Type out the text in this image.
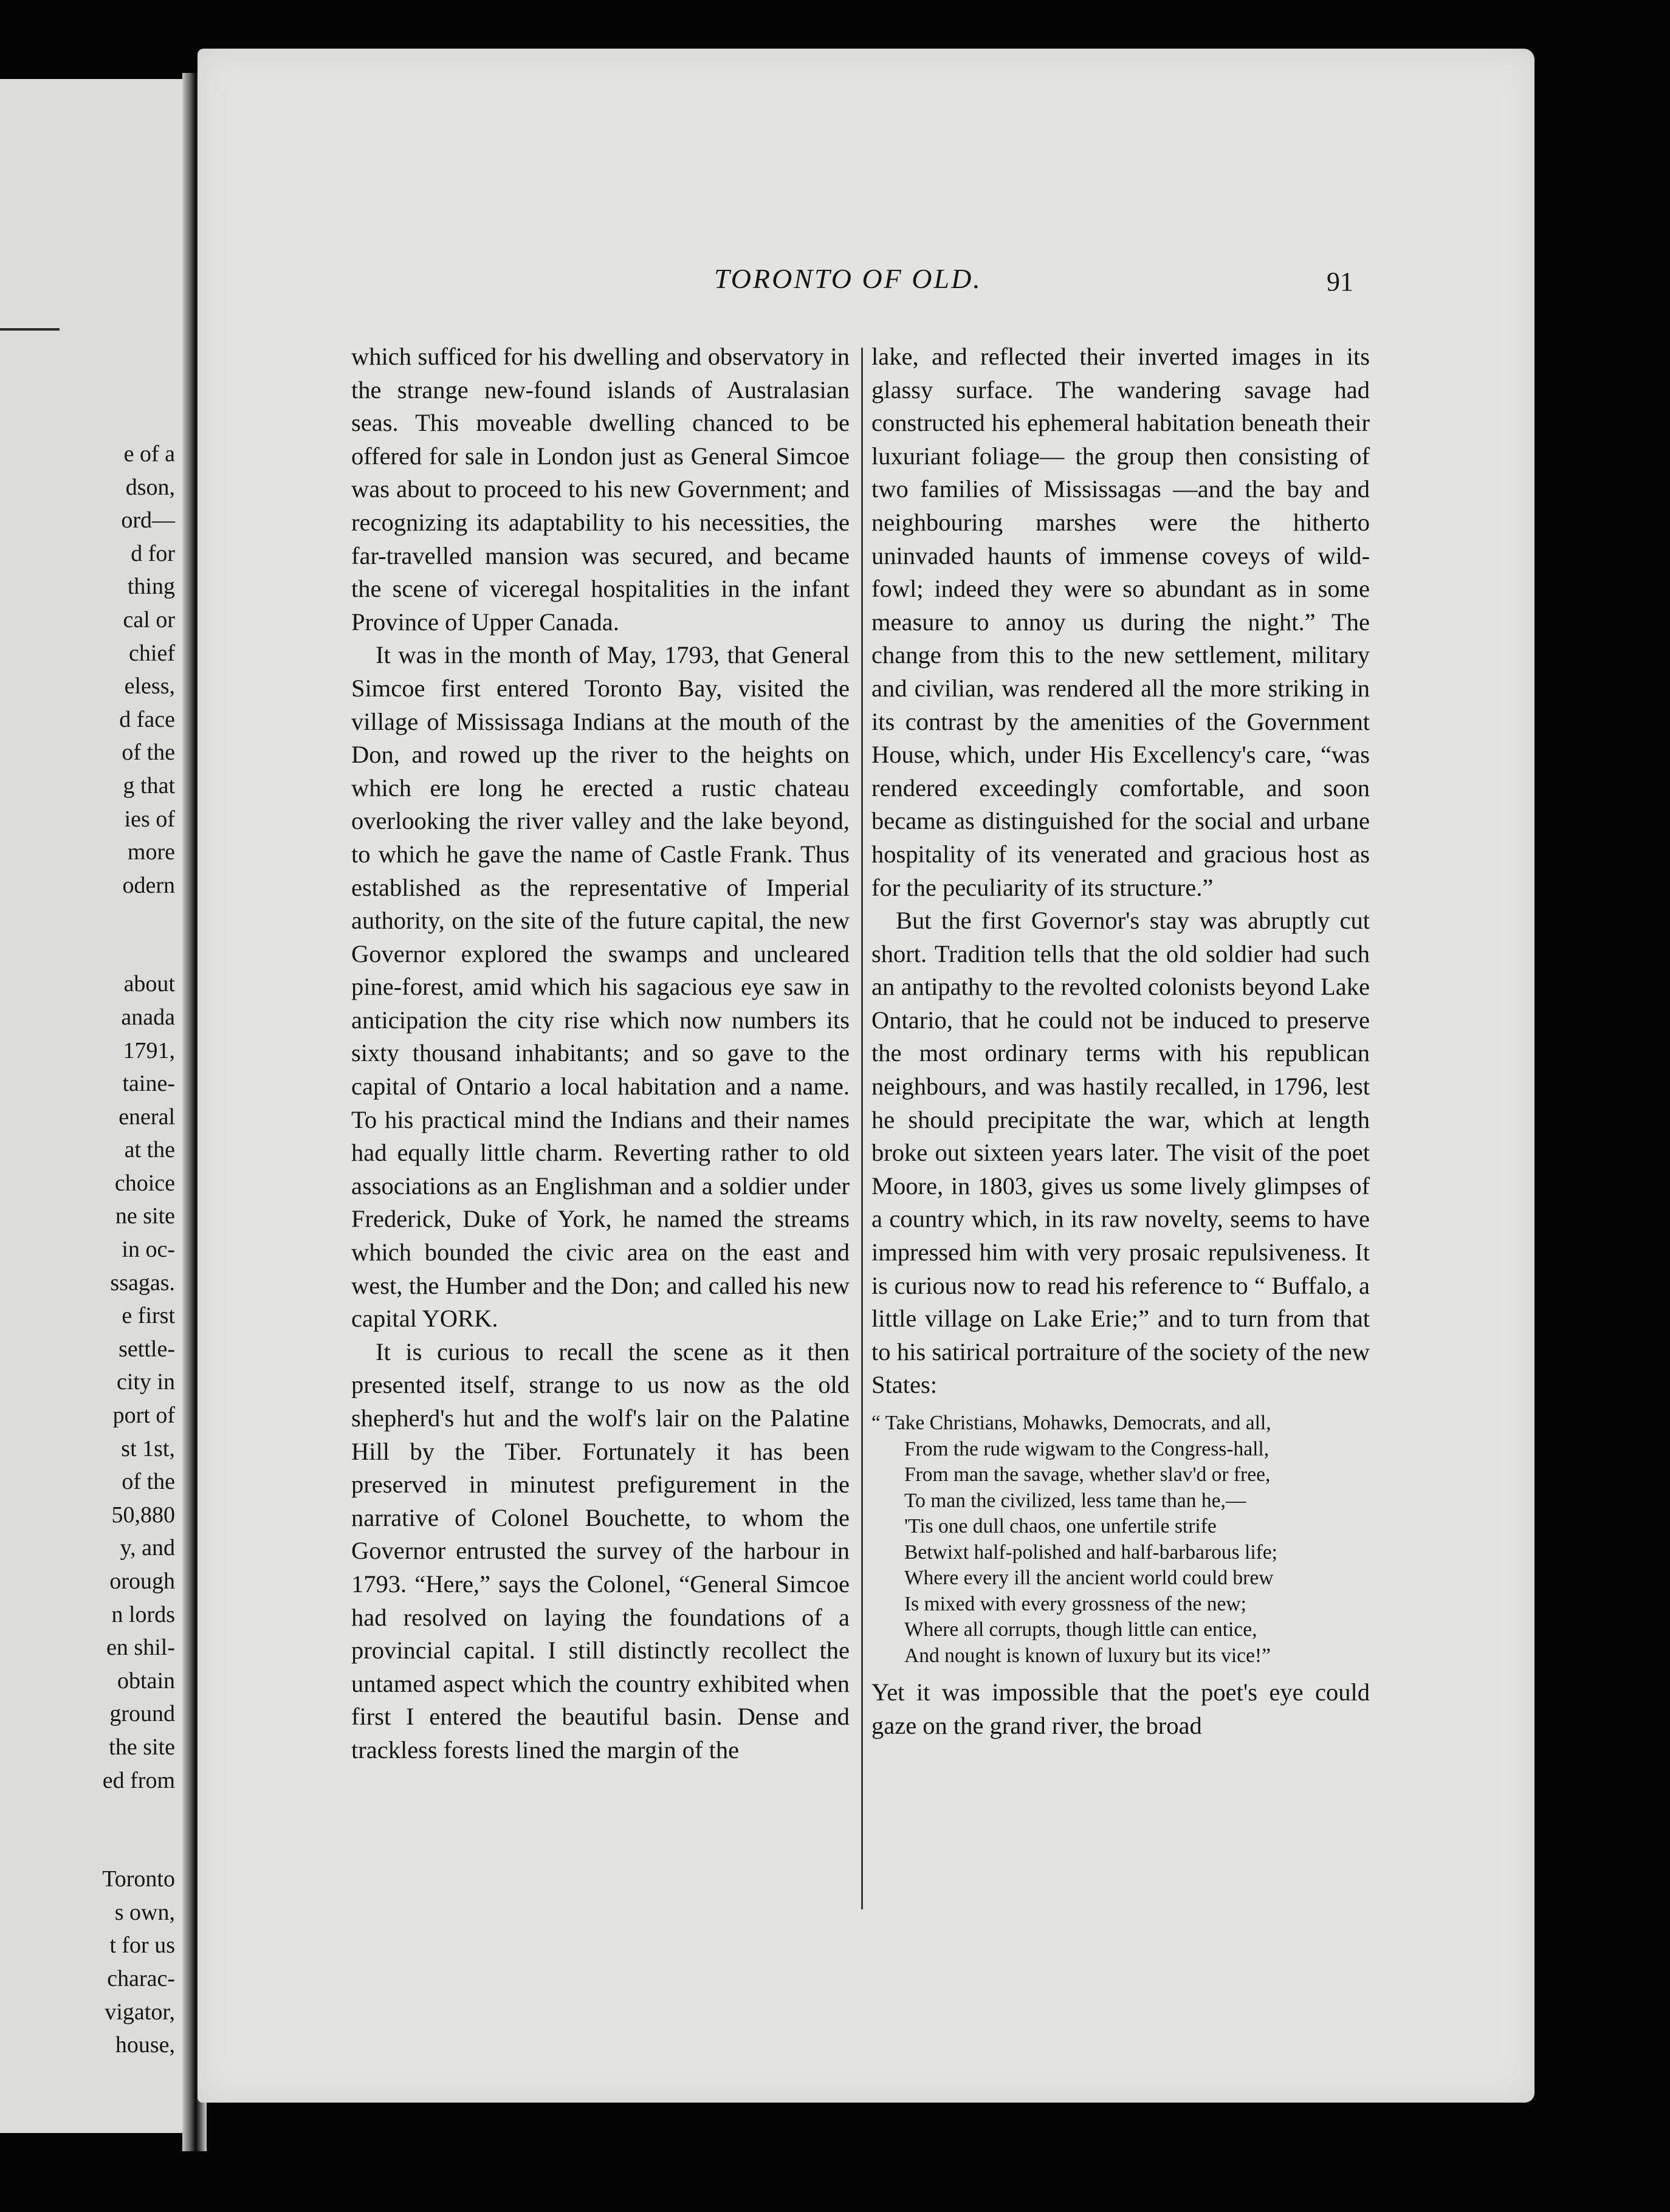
e of a
dson,
ord—
d for
thing
cal or
chief
eless,
d face
of the
g that
ies of
more
odern
about
anada
1791,
taine-
eneral
at the
choice
ne site
in oc-
ssagas.
e first
settle-
city in
port of
st 1st,
of the
50,880
y, and
orough
n lords
en shil-
obtain
ground
the site
ed from
Toronto
s own,
t for us
charac-
vigator,
house,
TORONTO OF OLD.	91

which sufficed for his dwelling and observatory in the strange new-found islands of Australasian seas. This moveable dwelling chanced to be offered for sale in London just as General Simcoe was about to proceed to his new Government; and recognizing its adaptability to his necessities, the far-travelled mansion was secured, and became the scene of viceregal hospitalities in the infant Province of Upper Canada.

It was in the month of May, 1793, that General Simcoe first entered Toronto Bay, visited the village of Mississaga Indians at the mouth of the Don, and rowed up the river to the heights on which ere long he erected a rustic chateau overlooking the river valley and the lake beyond, to which he gave the name of Castle Frank. Thus established as the representative of Imperial authority, on the site of the future capital, the new Governor explored the swamps and uncleared pine-forest, amid which his sagacious eye saw in anticipation the city rise which now numbers its sixty thousand inhabitants; and so gave to the capital of Ontario a local habitation and a name. To his practical mind the Indians and their names had equally little charm. Reverting rather to old associations as an Englishman and a soldier under Frederick, Duke of York, he named the streams which bounded the civic area on the east and west, the Humber and the Don; and called his new capital YORK.

It is curious to recall the scene as it then presented itself, strange to us now as the old shepherd's hut and the wolf's lair on the Palatine Hill by the Tiber. Fortunately it has been preserved in minutest prefigurement in the narrative of Colonel Bouchette, to whom the Governor entrusted the survey of the harbour in 1793. “Here,” says the Colonel, “General Simcoe had resolved on laying the foundations of a provincial capital. I still distinctly recollect the untamed aspect which the country exhibited when first I entered the beautiful basin. Dense and trackless forests lined the margin of the

lake, and reflected their inverted images in its glassy surface. The wandering savage had constructed his ephemeral habitation beneath their luxuriant foliage— the group then consisting of two families of Mississagas —and the bay and neighbouring marshes were the hitherto uninvaded haunts of immense coveys of wild-fowl; indeed they were so abundant as in some measure to annoy us during the night.” The change from this to the new settlement, military and civilian, was rendered all the more striking in its contrast by the amenities of the Government House, which, under His Excellency's care, “was rendered exceedingly comfortable, and soon became as distinguished for the social and urbane hospitality of its venerated and gracious host as for the peculiarity of its structure.”

But the first Governor's stay was abruptly cut short. Tradition tells that the old soldier had such an antipathy to the revolted colonists beyond Lake Ontario, that he could not be induced to preserve the most ordinary terms with his republican neighbours, and was hastily recalled, in 1796, lest he should precipitate the war, which at length broke out sixteen years later. The visit of the poet Moore, in 1803, gives us some lively glimpses of a country which, in its raw novelty, seems to have impressed him with very prosaic repulsiveness. It is curious now to read his reference to “ Buffalo, a little village on Lake Erie;” and to turn from that to his satirical portraiture of the society of the new States:

“ Take Christians, Mohawks, Democrats, and all,
From the rude wigwam to the Congress-hall,
From man the savage, whether slav'd or free,
To man the civilized, less tame than he,—
'Tis one dull chaos, one unfertile strife
Betwixt half-polished and half-barbarous life;
Where every ill the ancient world could brew
Is mixed with every grossness of the new;
Where all corrupts, though little can entice,
And nought is known of luxury but its vice!”

Yet it was impossible that the poet's eye could gaze on the grand river, the broad
